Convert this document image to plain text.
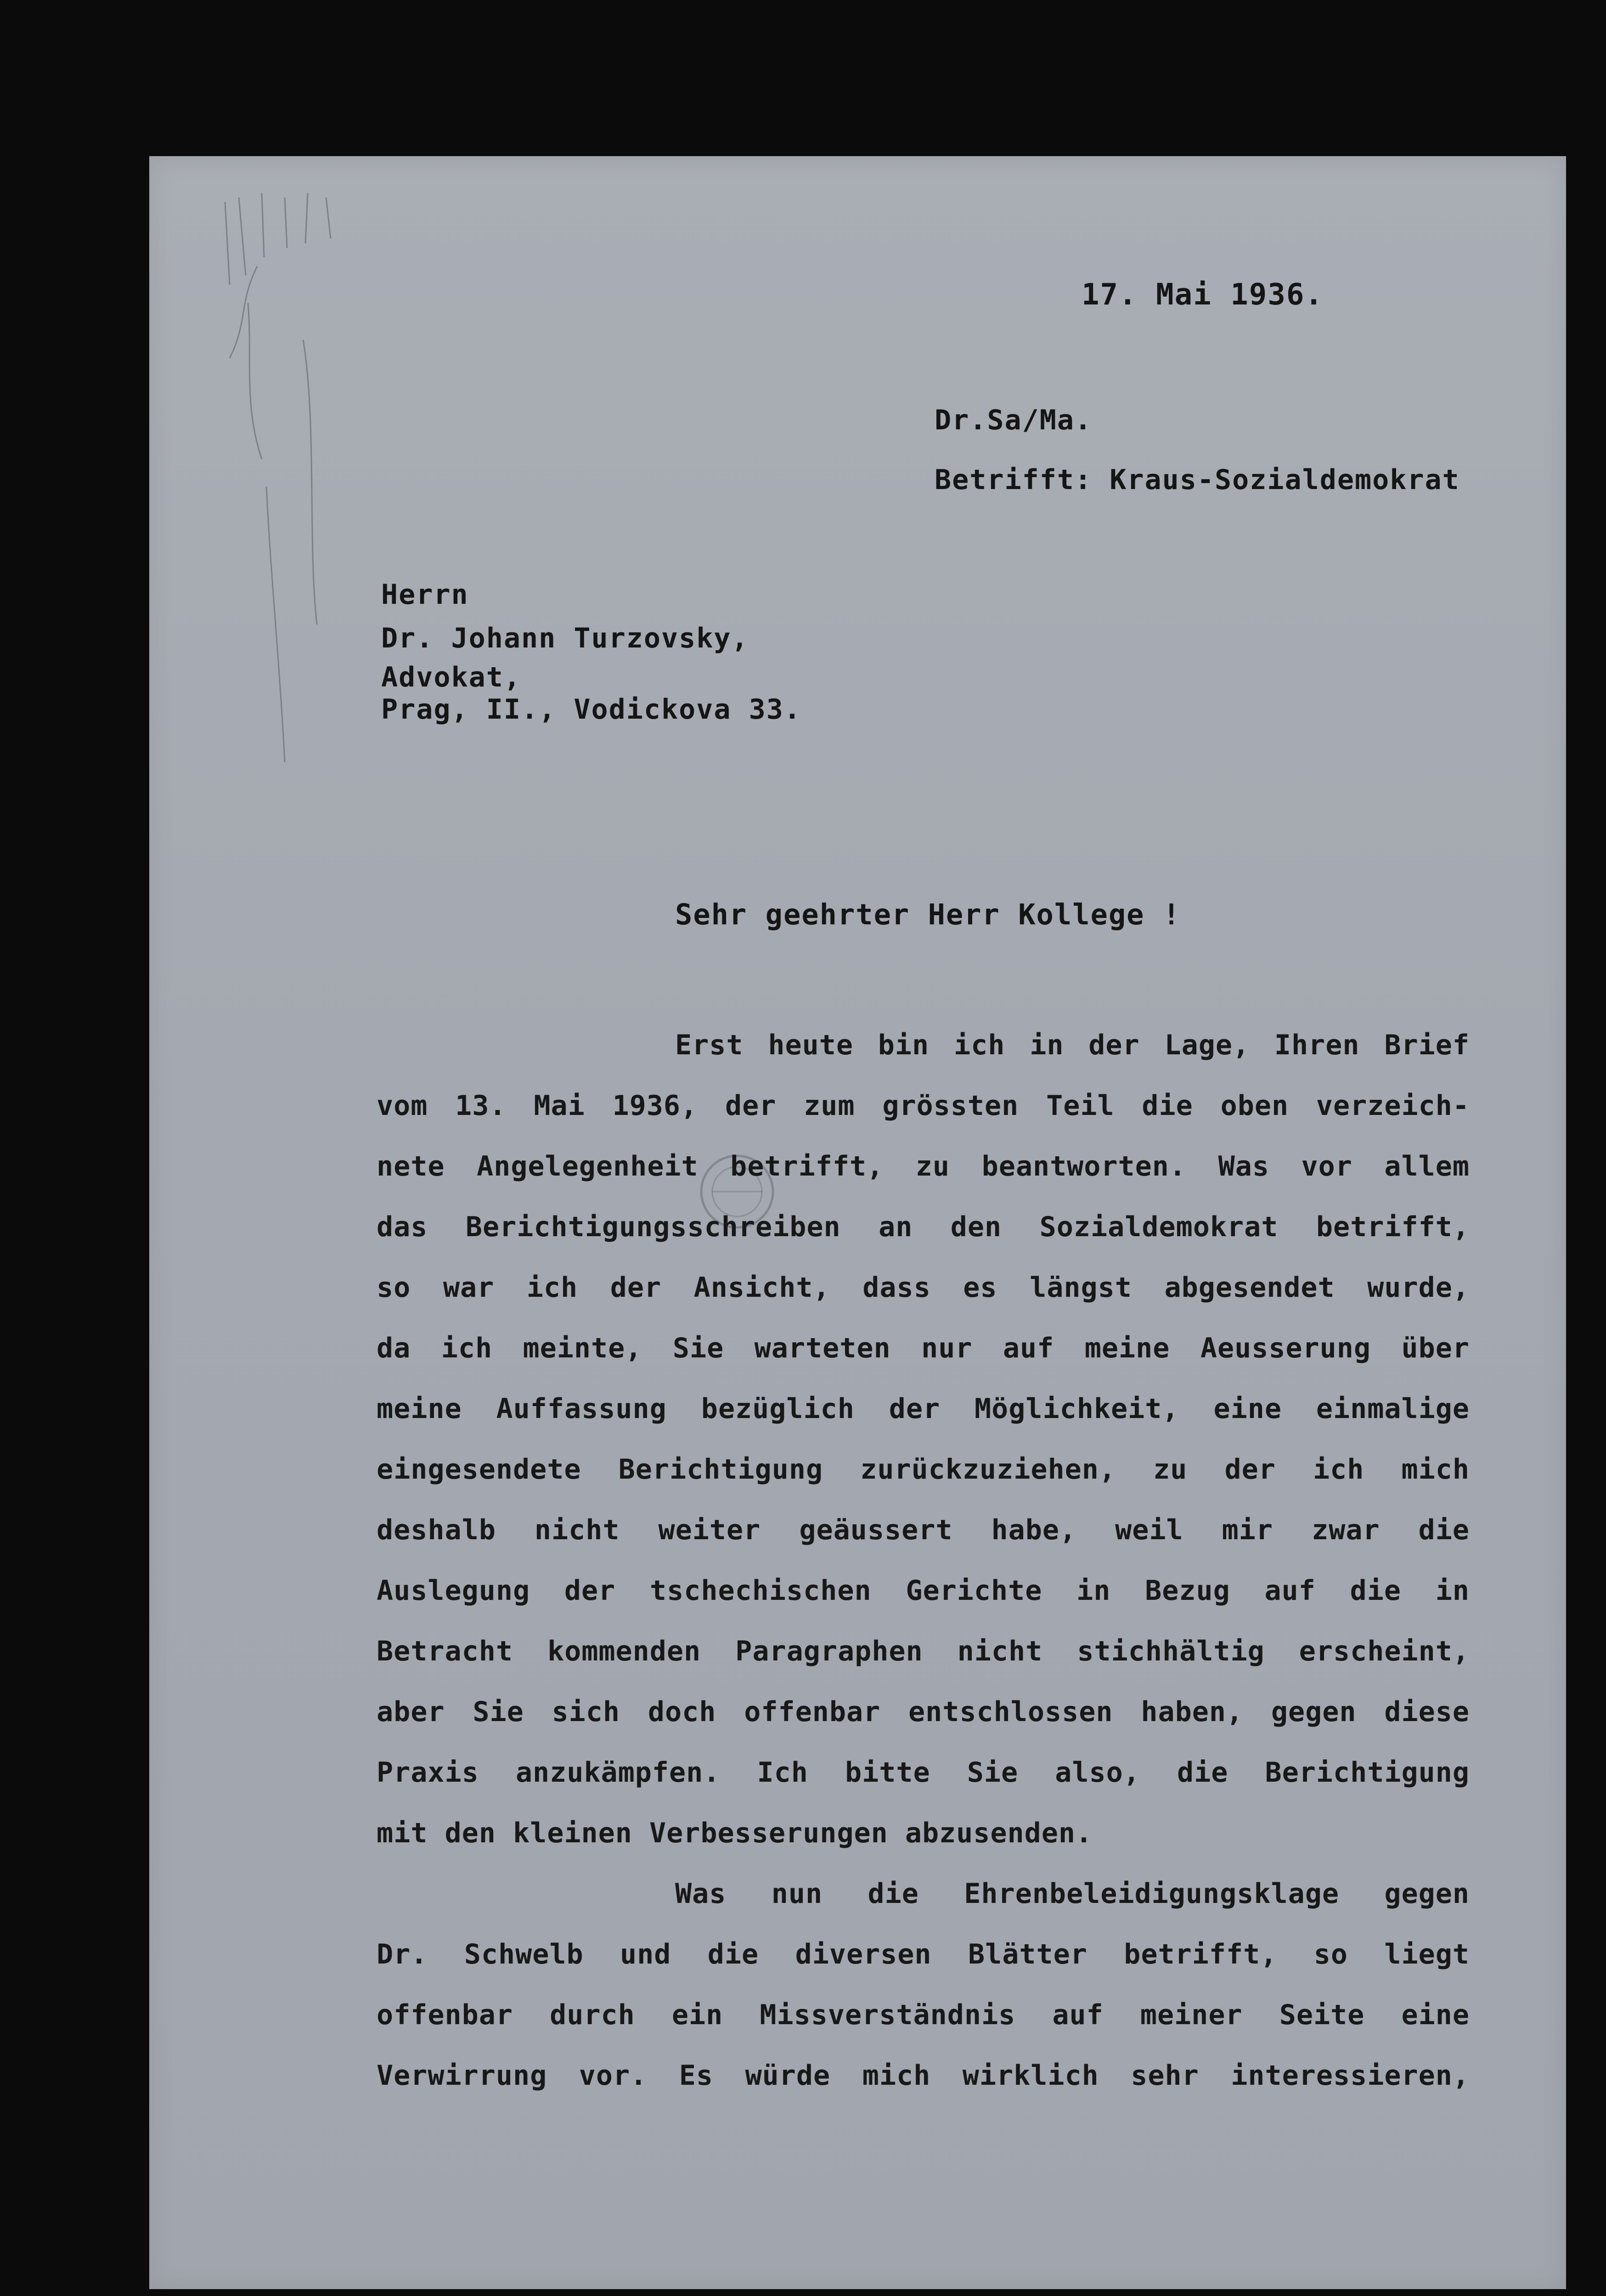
17. Mai 1936.
Dr.Sa/Ma.
Betrifft: Kraus-Sozialdemokrat
Herrn
Dr. Johann Turzovsky,
Advokat,
Prag, II., Vodickova 33.
Sehr geehrter Herr Kollege !
Erst heute bin ich in der Lage, Ihren Brief
vom 13. Mai 1936, der zum grössten Teil die oben verzeich-
nete Angelegenheit betrifft, zu beantworten. Was vor allem
das Berichtigungsschreiben an den Sozialdemokrat betrifft,
so war ich der Ansicht, dass es längst abgesendet wurde,
da ich meinte, Sie warteten nur auf meine Aeusserung über
meine Auffassung bezüglich der Möglichkeit, eine einmalige
eingesendete Berichtigung zurückzuziehen, zu der ich mich
deshalb nicht weiter geäussert habe, weil mir zwar die
Auslegung der tschechischen Gerichte in Bezug auf die in
Betracht kommenden Paragraphen nicht stichhältig erscheint,
aber Sie sich doch offenbar entschlossen haben, gegen diese
Praxis anzukämpfen. Ich bitte Sie also, die Berichtigung
mit den kleinen Verbesserungen abzusenden.
Was nun die Ehrenbeleidigungsklage gegen
Dr. Schwelb und die diversen Blätter betrifft, so liegt
offenbar durch ein Missverständnis auf meiner Seite eine
Verwirrung vor. Es würde mich wirklich sehr interessieren,
